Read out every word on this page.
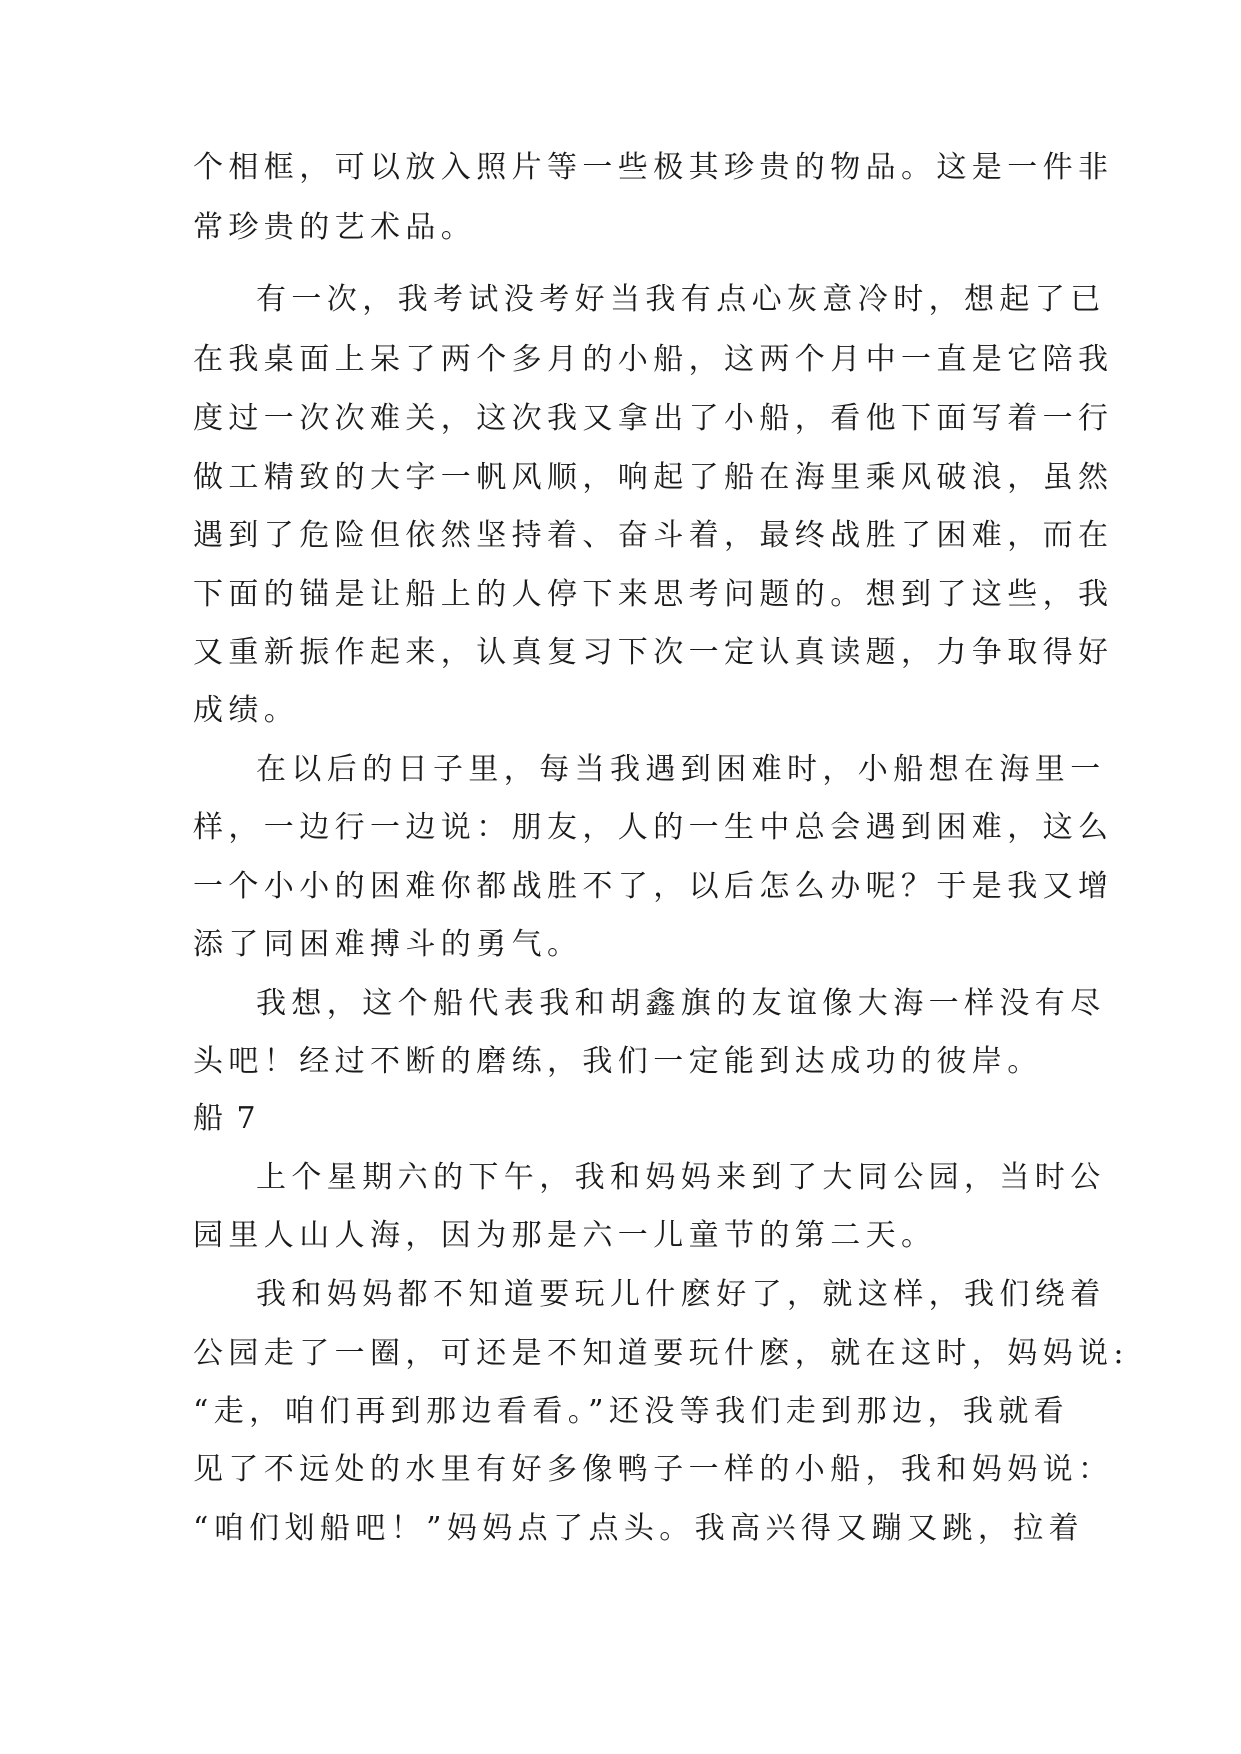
个相框，可以放入照片等一些极其珍贵的物品。这是一件非
常珍贵的艺术品。
有一次，我考试没考好当我有点心灰意冷时，想起了已
在我桌面上呆了两个多月的小船，这两个月中一直是它陪我
度过一次次难关，这次我又拿出了小船，看他下面写着一行
做工精致的大字一帆风顺，响起了船在海里乘风破浪，虽然
遇到了危险但依然坚持着、奋斗着，最终战胜了困难，而在
下面的锚是让船上的人停下来思考问题的。想到了这些，我
又重新振作起来，认真复习下次一定认真读题，力争取得好
成绩。
在以后的日子里，每当我遇到困难时，小船想在海里一
样，一边行一边说：朋友，人的一生中总会遇到困难，这么
一个小小的困难你都战胜不了，以后怎么办呢？于是我又增
添了同困难搏斗的勇气。
我想，这个船代表我和胡鑫旗的友谊像大海一样没有尽
头吧！经过不断的磨练，我们一定能到达成功的彼岸。
船 7
上个星期六的下午，我和妈妈来到了大同公园，当时公
园里人山人海，因为那是六一儿童节的第二天。
我和妈妈都不知道要玩儿什麽好了，就这样，我们绕着
公园走了一圈，可还是不知道要玩什麽，就在这时，妈妈说:
“走，咱们再到那边看看。”还没等我们走到那边，我就看
见了不远处的水里有好多像鸭子一样的小船，我和妈妈说：
“咱们划船吧！”妈妈点了点头。我高兴得又蹦又跳，拉着
